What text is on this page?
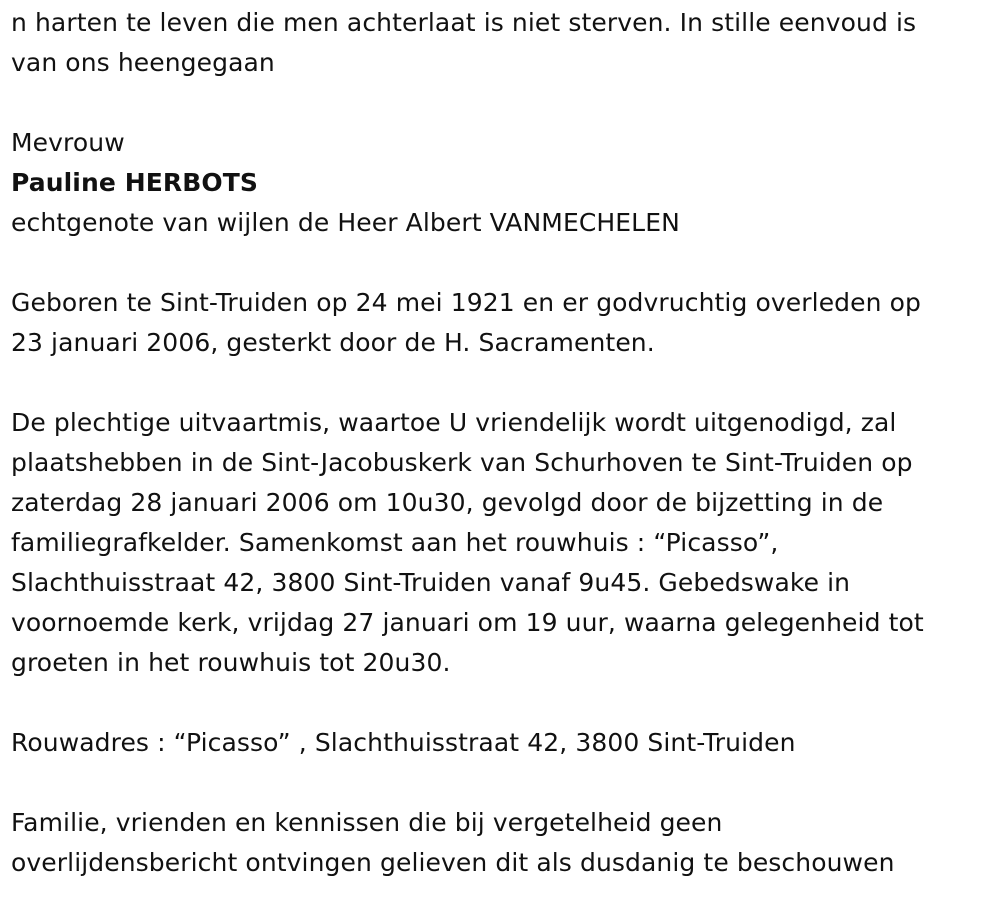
n harten te leven die men achterlaat is niet sterven. In stille eenvoud is
van ons heengegaan
Mevrouw
Pauline HERBOTS
echtgenote van wijlen de Heer Albert VANMECHELEN
Geboren te Sint-Truiden op 24 mei 1921 en er godvruchtig overleden op
23 januari 2006, gesterkt door de H. Sacramenten.
De plechtige uitvaartmis, waartoe U vriendelijk wordt uitgenodigd, zal
plaatshebben in de Sint-Jacobuskerk van Schurhoven te Sint-Truiden op
zaterdag 28 januari 2006 om 10u30, gevolgd door de bijzetting in de
familiegrafkelder. Samenkomst aan het rouwhuis : “Picasso”,
Slachthuisstraat 42, 3800 Sint-Truiden vanaf 9u45. Gebedswake in
voornoemde kerk, vrijdag 27 januari om 19 uur, waarna gelegenheid tot
groeten in het rouwhuis tot 20u30.
Rouwadres : “Picasso” , Slachthuisstraat 42, 3800 Sint-Truiden
Familie, vrienden en kennissen die bij vergetelheid geen
overlijdensbericht ontvingen gelieven dit als dusdanig te beschouwen
